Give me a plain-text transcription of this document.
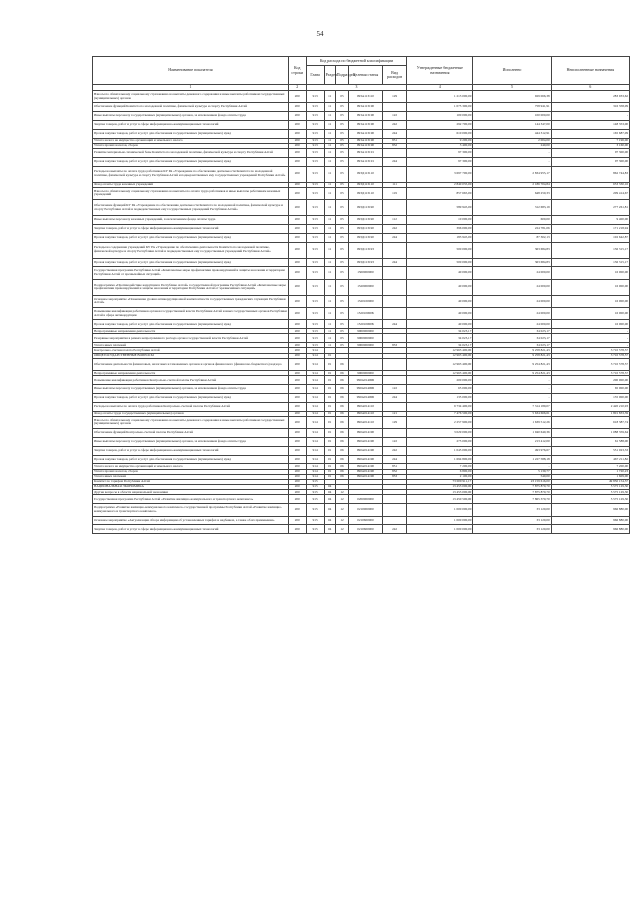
54
Наименование показателя	Код строки	Код расхода по бюджетной классификации					Утвержденные бюджетные назначения	Исполнено	Неисполненные назначения
		Глава	Раздел	Подраздел	Целевая статья	Вид расходов			
1	2	3					4	5	6
Взносы по обязательному социальному страхованию на выплаты денежного содержания и иные выплаты работникам государственных (муниципальных) органов	200	913	11	05	093А113110	129	1 213 000,00	929 066,38	283 933,62
Обеспечение функций Комитета по молодежной политике, физической культуре и спорту Республики Алтай	200	913	11	05	093А113190		1 075 300,00	758 941,91	316 358,09
Иные выплаты персоналу государственных (муниципальных) органов, за исключением фонда оплаты труда	200	913	11	05	093А113190	122	100 000,00	100 000,00	-
Закупка товаров, работ и услуг в сфере информационно-коммуникационных технологий	200	913	11	05	093А113190	242	292 700,00	144 347,00	148 353,00
Прочая закупка товаров, работ и услуг для обеспечения государственных (муниципальных) нужд	200	913	11	05	093А113190	244	610 000,00	444 312,91	165 687,09
Уплата налога на имущество организаций и земельного налога	200	913	11	05	093А113190	851	9 200,00	2 004,00	7 196,00
Уплата прочих налогов, сборов	200	913	11	05	093А113190	852	3 400,00	240,00	3 160,00
Развитие материально-технической базы Комитета по молодежной политике, физической культуре и спорту Республики Алтай	200	913	11	05	093А113191		97 300,00	-	97 300,00
Прочая закупка товаров, работ и услуг для обеспечения государственных (муниципальных) нужд	200	913	11	05	093А113191	244	97 300,00	-	97 300,00
Расходы на выплаты по оплате труда работников КУ РА «Учреждение по обеспечению деятельности Комитета по молодежной политике, физической культуре и спорту Республики Алтай и подведомственных ему государственных учреждений Республики Алтай»	200	913	11	05	093Д113110		3 697 700,00	2 834 955,17	862 744,83
Фонд оплаты труда казенных учреждений	200	913	11	05	093Д113110	111	2 840 035,00	2 186 704,84	653 330,16
Взносы по обязательному социальному страхованию на выплаты по оплате труда работников и иные выплаты работникам казенных учреждений	200	913	11	05	093Д113110	119	857 665,00	648 250,33	209 414,67
Обеспечение функций КУ РА «Учреждение по обеспечению деятельности Комитета по молодежной политике, физической культуре и спорту Республики Алтай и подведомственных ему государственных учреждений Республики Алтай»	200	913	11	05	093Д113190		589 945,00	312 683,19	277 261,81
Иные выплаты персоналу казенных учреждений, за исключением фонда оплаты труда	200	913	11	05	093Д113190	112	10 000,00	600,00	9 400,00
Закупка товаров, работ и услуг в сфере информационно-коммуникационных технологий	200	913	11	05	093Д113190	242	396 000,00	224 781,06	171 218,94
Прочая закупка товаров, работ и услуг для обеспечения государственных (муниципальных) нужд	200	913	11	05	093Д113190	244	183 945,00	87 302,13	102 642,87
Расходы на содержание учреждений КУ РА «Учреждение по обеспечению деятельности Комитета по молодежной политике, физической культуре и спорту Республики Алтай и подведомственных ему государственных учреждений Республики Алтай»	200	913	11	05	093Д113193		500 000,00	363 684,83	136 315,17
Прочая закупка товаров, работ и услуг для обеспечения государственных (муниципальных) нужд	200	913	11	05	093Д113193	244	500 000,00	363 684,83	136 315,17
Государственная программа Республики Алтай «Комплексные меры профилактики правонарушений и защиты населения и территории Республики Алтай от чрезвычайных ситуаций»	200	913	11	05	1500000000		40 000,00	24 000,00	16 000,00
Подпрограмма «Противодействие коррупции в Республике Алтай» государственной программы Республики Алтай «Комплексные меры профилактики правонарушений и защиты населения и территории Республики Алтай от чрезвычайных ситуаций»	200	913	11	05	1520000000		40 000,00	24 000,00	16 000,00
Основное мероприятие «Повышение уровня антикоррупционной компетентности государственных гражданских служащих Республики Алтай»	200	913	11	05	1520100000		40 000,00	24 000,00	16 000,00
Повышение квалификации работников органов государственной власти Республики Алтай и иных государственных органов Республики Алтай в сфере антикоррупции	200	913	11	05	152010000Б		40 000,00	24 000,00	16 000,00
Прочая закупка товаров, работ и услуг для обеспечения государственных (муниципальных) нужд	200	913	11	05	152010000Б	244	40 000,00	24 000,00	16 000,00
Непрограммные направления деятельности	200	913	11	05	9900000000		34 023,17	34 023,17	-
Резервные мероприятия в рамках непрограммного расхода органа государственной власти Республики Алтай	200	913	11	05	9900000000		34 023,17	34 023,17	-
Уплата иных платежей	200	913	11	05	9900000000	853	34 023,17	34 023,17	-
Контрольно-счетная палата Республики Алтай	200	914					12 963 400,00	9 258 821,43	3 710 578,57
ОБЩЕГОСУДАРСТВЕННЫЕ ВОПРОСЫ	200	914	01				12 963 400,00	9 258 821,43	3 710 578,57
Обеспечение деятельности финансовых, налоговых и таможенных органов и органов финансового (финансово-бюджетного) надзора	200	914	01	06			12 963 400,00	9 254 821,43	3 710 578,57
Непрограммные направления деятельности	200	914	01	06	9900000000		12 963 400,00	9 254 821,43	3 710 578,57
Повышение квалификации работников Контрольно-счетной палаты Республики Алтай	200	914	01	06	990А01400Б		200 000,00	-	200 000,00
Иные выплаты персоналу государственных (муниципальных) органов, за исключением фонда оплаты труда	200	914	01	06	990А01400Б	122	65 000,00	-	65 000,00
Прочая закупка товаров, работ и услуг для обеспечения государственных (муниципальных) нужд	200	914	01	06	990А01400Б	244	135 000,00	-	135 000,00
Расходы на выплаты по оплате труда работников Контрольно-счетной палаты Республики Алтай	200	914	01	06	990А014110		9 734 400,00	7 314 189,07	2 420 210,93
Фонд оплаты труда государственных (муниципальных) органов	200	914	01	06	990А014110	121	7 476 500,00	5 634 666,61	1 801 833,39
Взносы по обязательному социальному страхованию на выплаты денежного содержания и иные выплаты работникам государственных (муниципальных) органов	200	914	01	06	990А014110	129	2 257 900,00	1 639 512,26	618 387,74
Обеспечение функций Контрольно-счетной палаты Республики Алтай	200	914	01	06	990А014190		3 029 000,00	1 940 640,36	1 088 359,64
Иные выплаты персоналу государственных (муниципальных) органов, за исключением фонда оплаты труда	200	914	01	06	990А014190	122	275 000,00	213 412,00	61 588,00
Закупка товаров, работ и услуг в сфере информационно-коммуникационных технологий	200	914	01	06	990А014190	242	1 045 000,00	493 976,67	551 023,33
Прочая закупка товаров, работ и услуг для обеспечения государственных (муниципальных) нужд	200	914	01	06	990А014190	244	1 694 800,00	1 227 588,18	467 211,82
Уплата налога на имущество организаций и земельного налога	200	914	01	06	990А014190	851	7 200,00	-	7 200,00
Уплата прочих налогов, сборов	200	914	01	06	990А014190	852	6 800,00	5 139,77	1 720,23
Уплата иных платежей	200	914	01	06	990А014190	853	2 100,00	540,00	1 609,00
Комитет по тарифам Республики Алтай	200	915					73 009 911,17	23 159 616,00	49 850 154,37
НАЦИОНАЛЬНАЯ ЭКОНОМИКА	200	915	04				13 453 000,00	7 875 870,70	5 575 129,30
Другие вопросы в области национальной экономики	200	915	04	12			13 453 000,00	7 875 870,70	5 575 129,30
Государственная программа Республики Алтай «Развитие жилищно-коммунального и транспортного комплекса»	200	915	04	12	0200000000		13 450 500,00	7 865 370,70	5 575 129,30
Подпрограмма «Развитие жилищно-коммунального комплекса» государственной программы Республики Алтай «Развитие жилищно-коммунального и транспортного комплекса»	200	915	04	12	0210000000		1 000 000,00	33 120,00	966 880,00
Основное мероприятие «Актуализация обзора информации об установленных тарифах и надбавках, а также об их применении»	200	915	04	12	0210600000		1 000 000,00	33 120,00	966 880,00
Закупка товаров, работ и услуг в сфере информационно-коммуникационных технологий	200	915	04	12	0210600000	242	1 000 000,00	33 120,00	966 880,00
